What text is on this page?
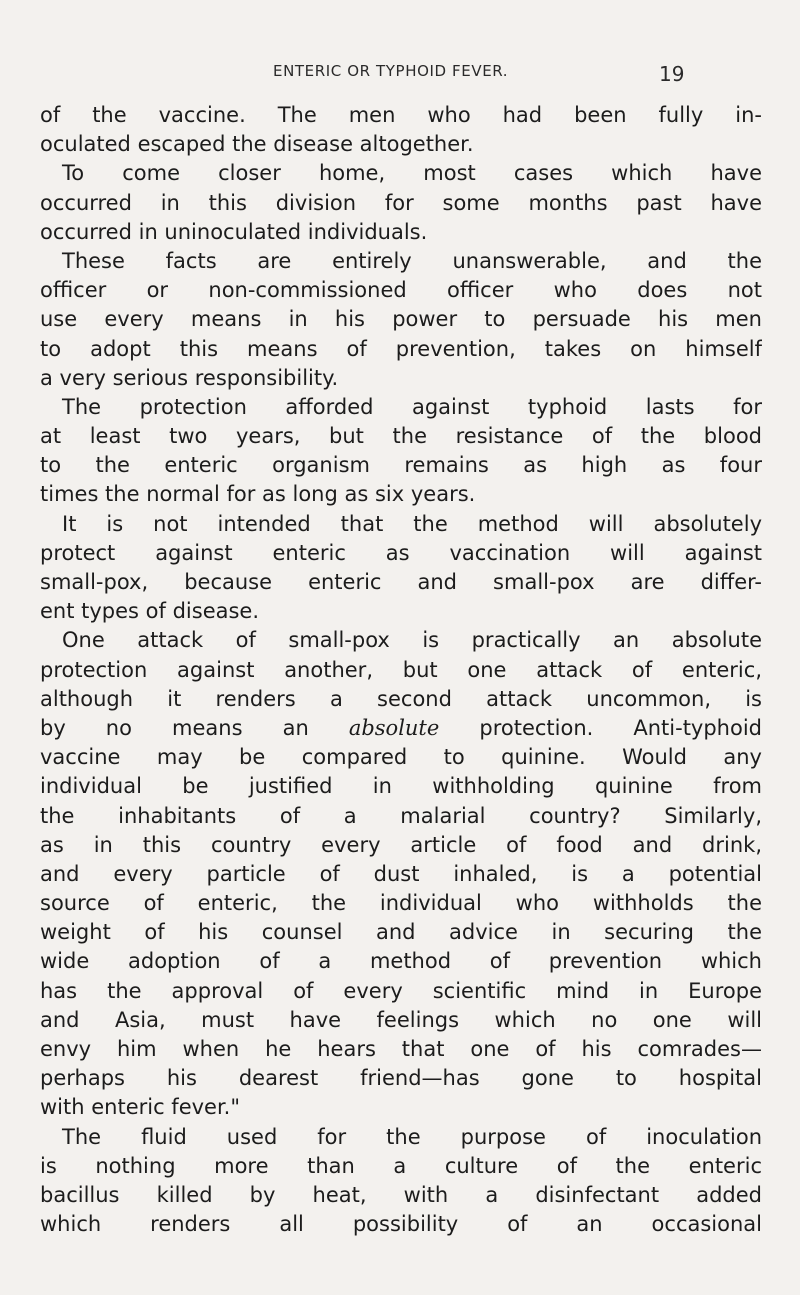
ENTERIC OR TYPHOID FEVER.	19
of the vaccine. The men who had been fully in-
oculated escaped the disease altogether.
To come closer home, most cases which have
occurred in this division for some months past have
occurred in uninoculated individuals.
These facts are entirely unanswerable, and the
officer or non-commissioned officer who does not
use every means in his power to persuade his men
to adopt this means of prevention, takes on himself
a very serious responsibility.
The protection afforded against typhoid lasts for
at least two years, but the resistance of the blood
to the enteric organism remains as high as four
times the normal for as long as six years.
It is not intended that the method will absolutely
protect against enteric as vaccination will against
small-pox, because enteric and small-pox are differ-
ent types of disease.
One attack of small-pox is practically an absolute
protection against another, but one attack of enteric,
although it renders a second attack uncommon, is
by no means an absolute protection. Anti-typhoid
vaccine may be compared to quinine. Would any
individual be justified in withholding quinine from
the inhabitants of a malarial country? Similarly,
as in this country every article of food and drink,
and every particle of dust inhaled, is a potential
source of enteric, the individual who withholds the
weight of his counsel and advice in securing the
wide adoption of a method of prevention which
has the approval of every scientific mind in Europe
and Asia, must have feelings which no one will
envy him when he hears that one of his comrades—
perhaps his dearest friend—has gone to hospital
with enteric fever."
The fluid used for the purpose of inoculation
is nothing more than a culture of the enteric
bacillus killed by heat, with a disinfectant added
which renders all possibility of an occasional
